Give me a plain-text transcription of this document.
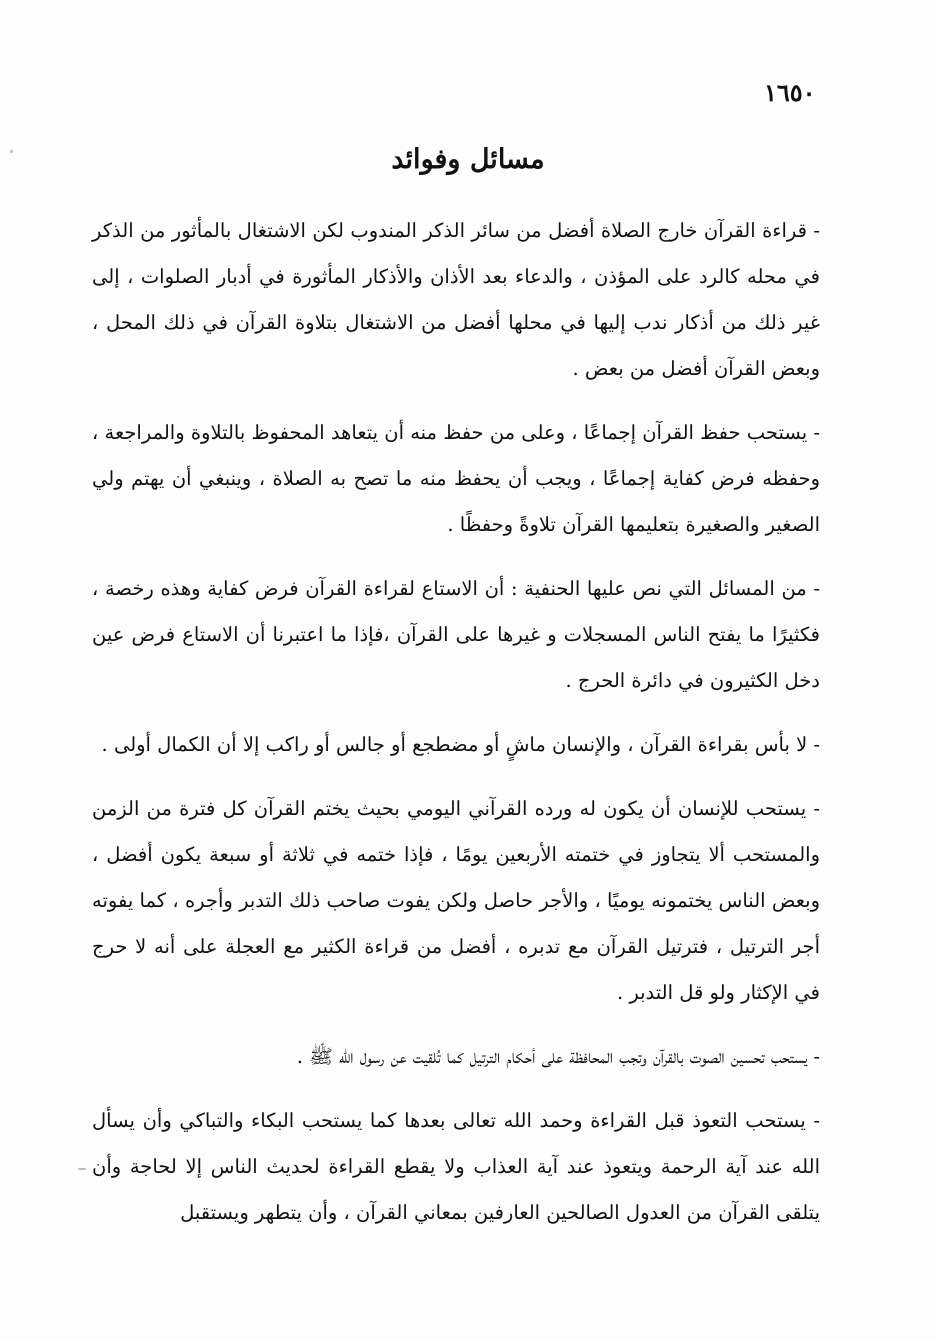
١٦٥٠
مسائل وفوائد

- قراءة القرآن خارج الصلاة أفضل من سائر الذكر المندوب لكن الاشتغال بالمأثور من الذكر في محله كالرد على المؤذن ، والدعاء بعد الأذان والأذكار المأثورة في أدبار الصلوات ، إلى غير ذلك من أذكار ندب إليها في محلها أفضل من الاشتغال بتلاوة القرآن في ذلك المحل ، وبعض القرآن أفضل من بعض .

- يستحب حفظ القرآن إجماعًا ، وعلى من حفظ منه أن يتعاهد المحفوظ بالتلاوة والمراجعة ، وحفظه فرض كفاية إجماعًا ، ويجب أن يحفظ منه ما تصح به الصلاة ، وينبغي أن يهتم ولي الصغير والصغيرة بتعليمها القرآن تلاوةً وحفظًا .

- من المسائل التي نص عليها الحنفية : أن الاستاع لقراءة القرآن فرض كفاية وهذه رخصة ، فكثيرًا ما يفتح الناس المسجلات و غيرها على القرآن ،فإذا ما اعتبرنا أن الاستاع فرض عين دخل الكثيرون في دائرة الحرج .

- لا بأس بقراءة القرآن ، والإنسان ماشٍ أو مضطجع أو جالس أو راكب إلا أن الكمال أولى .

- يستحب للإنسان أن يكون له ورده القرآني اليومي بحيث يختم القرآن كل فترة من الزمن والمستحب ألا يتجاوز في ختمته الأربعين يومًا ، فإذا ختمه في ثلاثة أو سبعة يكون أفضل ، وبعض الناس يختمونه يوميًا ، والأجر حاصل ولكن يفوت صاحب ذلك التدبر وأجره ، كما يفوته أجر الترتيل ، فترتيل القرآن مع تدبره ، أفضل من قراءة الكثير مع العجلة على أنه لا حرج في الإكثار ولو قل التدبر .

- يستحب تحسين الصوت بالقرآن وتجب المحافظة على أحكام الترتيل كما تُلقيت عن رسول الله ﷺ .

- يستحب التعوذ قبل القراءة وحمد الله تعالى بعدها كما يستحب البكاء والتباكي وأن يسأل الله عند آية الرحمة ويتعوذ عند آية العذاب ولا يقطع القراءة لحديث الناس إلا لحاجة وأن يتلقى القرآن من العدول الصالحين العارفين بمعاني القرآن ، وأن يتطهر ويستقبل
